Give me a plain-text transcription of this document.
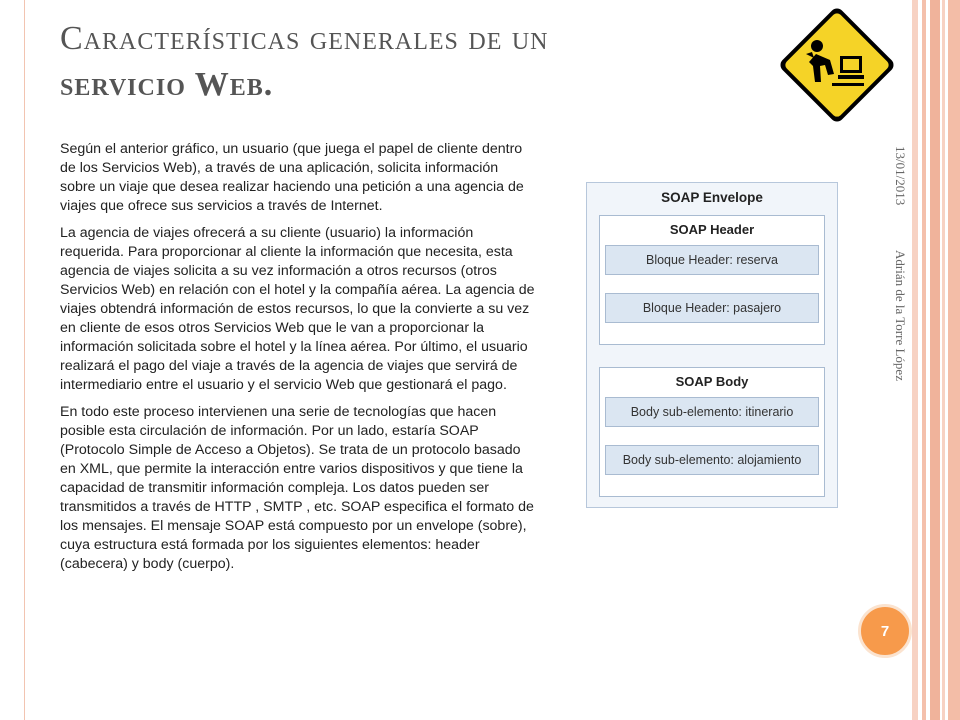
Características generales de un
servicio Web.

Según el anterior gráfico, un usuario (que juega el papel de cliente dentro de los Servicios Web), a través de una aplicación, solicita información sobre un viaje que desea realizar haciendo una petición a una agencia de viajes que ofrece sus servicios a través de Internet.

La agencia de viajes ofrecerá a su cliente (usuario) la información requerida. Para proporcionar al cliente la información que necesita, esta agencia de viajes solicita a su vez información a otros recursos (otros Servicios Web) en relación con el hotel y la compañía aérea. La agencia de viajes obtendrá información de estos recursos, lo que la convierte a su vez en cliente de esos otros Servicios Web que le van a proporcionar la información solicitada sobre el hotel y la línea aérea. Por último, el usuario realizará el pago del viaje a través de la agencia de viajes que servirá de intermediario entre el usuario y el servicio Web que gestionará el pago.

En todo este proceso intervienen una serie de tecnologías que hacen posible esta circulación de información. Por un lado, estaría SOAP (Protocolo Simple de Acceso a Objetos). Se trata de un protocolo basado en XML, que permite la interacción entre varios dispositivos y que tiene la capacidad de transmitir información compleja. Los datos pueden ser transmitidos a través de HTTP , SMTP , etc. SOAP especifica el formato de los mensajes. El mensaje SOAP está compuesto por un envelope (sobre), cuya estructura está formada por los siguientes elementos: header (cabecera) y body (cuerpo).

13/01/2013
Adrián de la Torre López
SOAP Envelope
SOAP Header
Bloque Header: reserva
Bloque Header: pasajero
SOAP Body
Body sub-elemento: itinerario
Body sub-elemento: alojamiento
7
